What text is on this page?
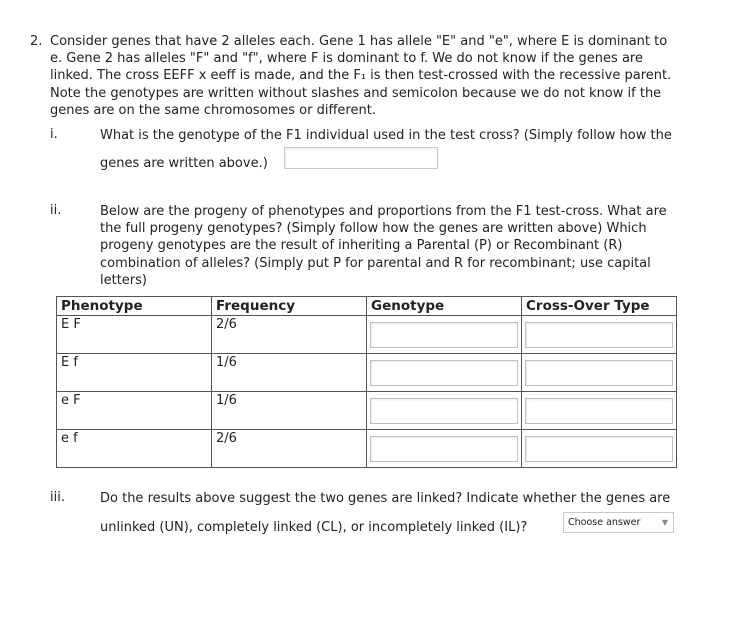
2. Consider genes that have 2 alleles each. Gene 1 has allele "E" and "e", where E is dominant to
e. Gene 2 has alleles "F" and "f", where F is dominant to f. We do not know if the genes are
linked. The cross EEFF x eeff is made, and the F₁ is then test-crossed with the recessive parent.
Note the genotypes are written without slashes and semicolon because we do not know if the
genes are on the same chromosomes or different.
i.	What is the genotype of the F1 individual used in the test cross? (Simply follow how the
genes are written above.)
ii.	Below are the progeny of phenotypes and proportions from the F1 test-cross. What are
the full progeny genotypes? (Simply follow how the genes are written above) Which
progeny genotypes are the result of inheriting a Parental (P) or Recombinant (R)
combination of alleles? (Simply put P for parental and R for recombinant; use capital
letters)
Phenotype	Frequency	Genotype	Cross-Over Type
E F	2/6	

E f	1/6	

e F	1/6	

e f	2/6	

iii.	Do the results above suggest the two genes are linked? Indicate whether the genes are
unlinked (UN), completely linked (CL), or incompletely linked (IL)?	Choose answer	▼
